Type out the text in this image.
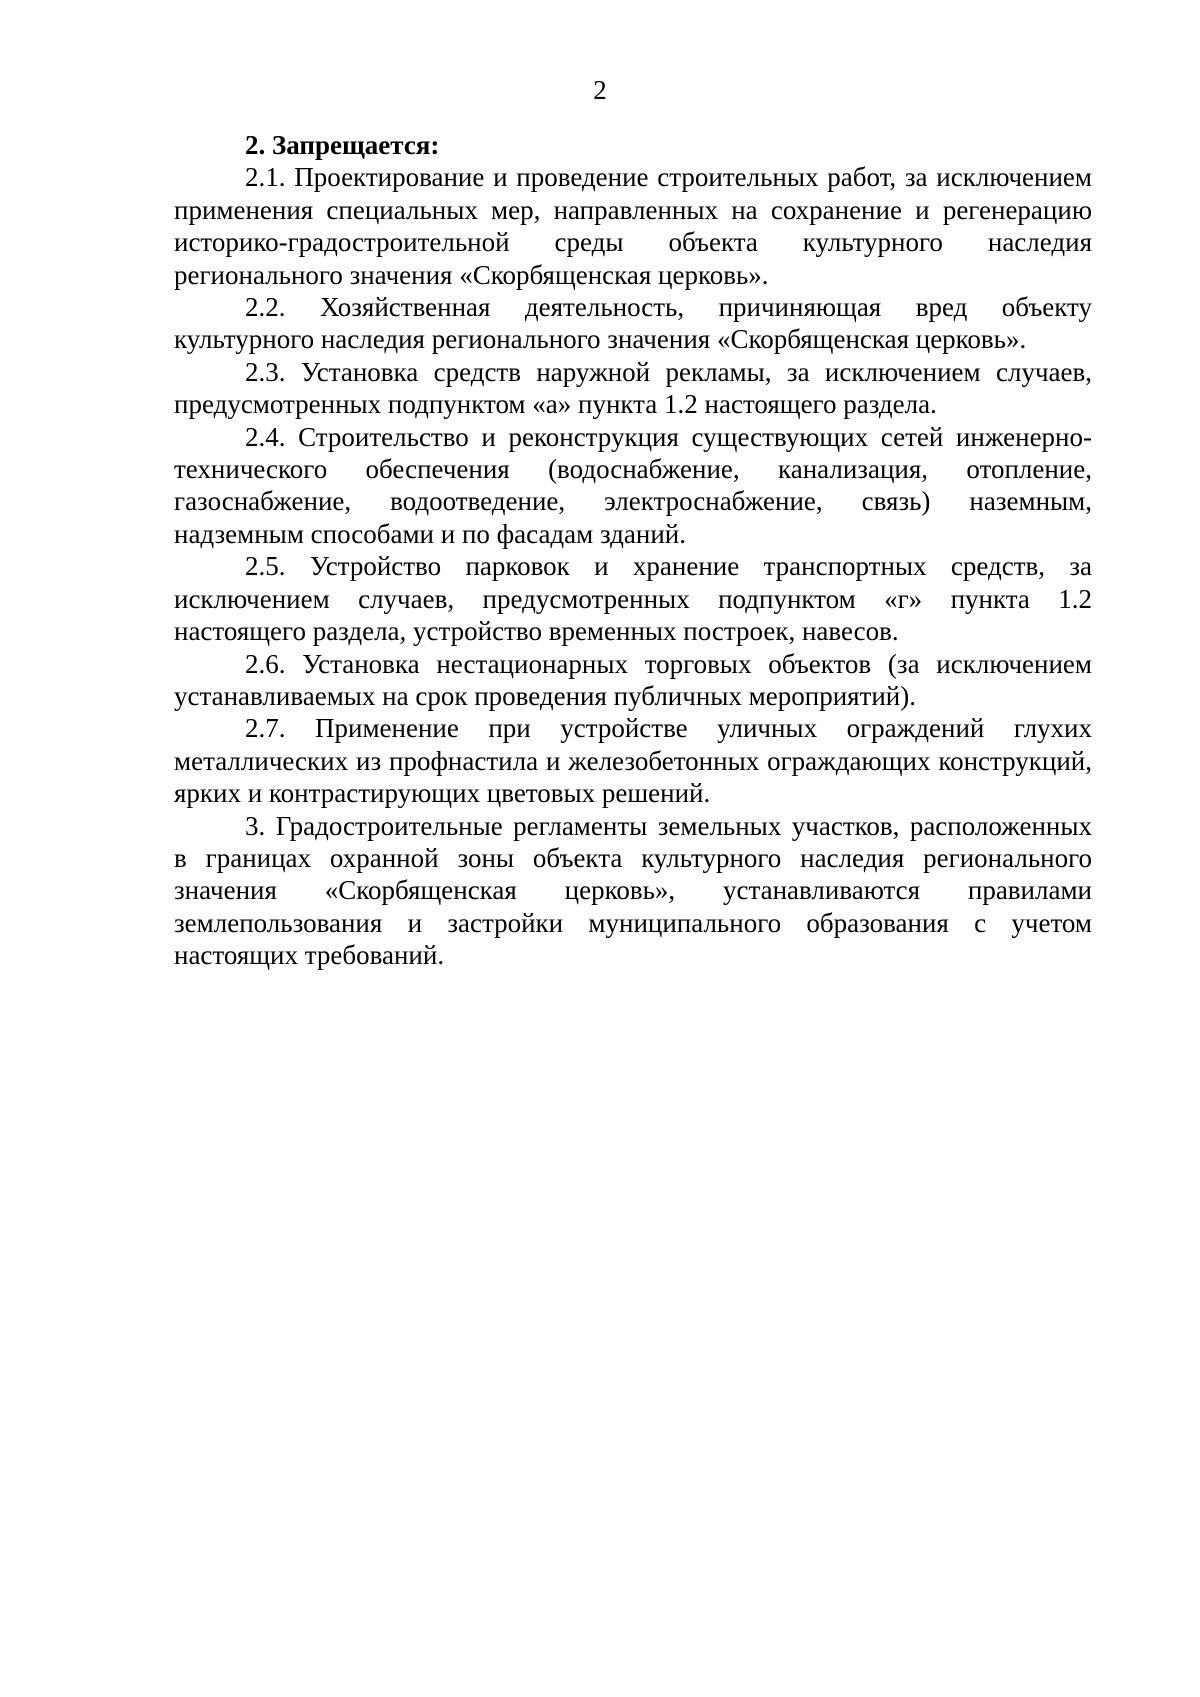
2

2. Запрещается:

2.1. Проектирование и проведение строительных работ, за исключением применения специальных мер, направленных на сохранение и регенерацию историко-градостроительной среды объекта культурного наследия регионального значения «Скорбященская церковь».

2.2. Хозяйственная деятельность, причиняющая вред объекту культурного наследия регионального значения «Скорбященская церковь».

2.3. Установка средств наружной рекламы, за исключением случаев, предусмотренных подпунктом «а» пункта 1.2 настоящего раздела.

2.4. Строительство и реконструкция существующих сетей инженерно-технического обеспечения (водоснабжение, канализация, отопление, газоснабжение, водоотведение, электроснабжение, связь) наземным, надземным способами и по фасадам зданий.

2.5. Устройство парковок и хранение транспортных средств, за исключением случаев, предусмотренных подпунктом «г» пункта 1.2 настоящего раздела, устройство временных построек, навесов.

2.6. Установка нестационарных торговых объектов (за исключением устанавливаемых на срок проведения публичных мероприятий).

2.7. Применение при устройстве уличных ограждений глухих металлических из профнастила и железобетонных ограждающих конструкций, ярких и контрастирующих цветовых решений.

3. Градостроительные регламенты земельных участков, расположенных в границах охранной зоны объекта культурного наследия регионального значения «Скорбященская церковь», устанавливаются правилами землепользования и застройки муниципального образования с учетом настоящих требований.
